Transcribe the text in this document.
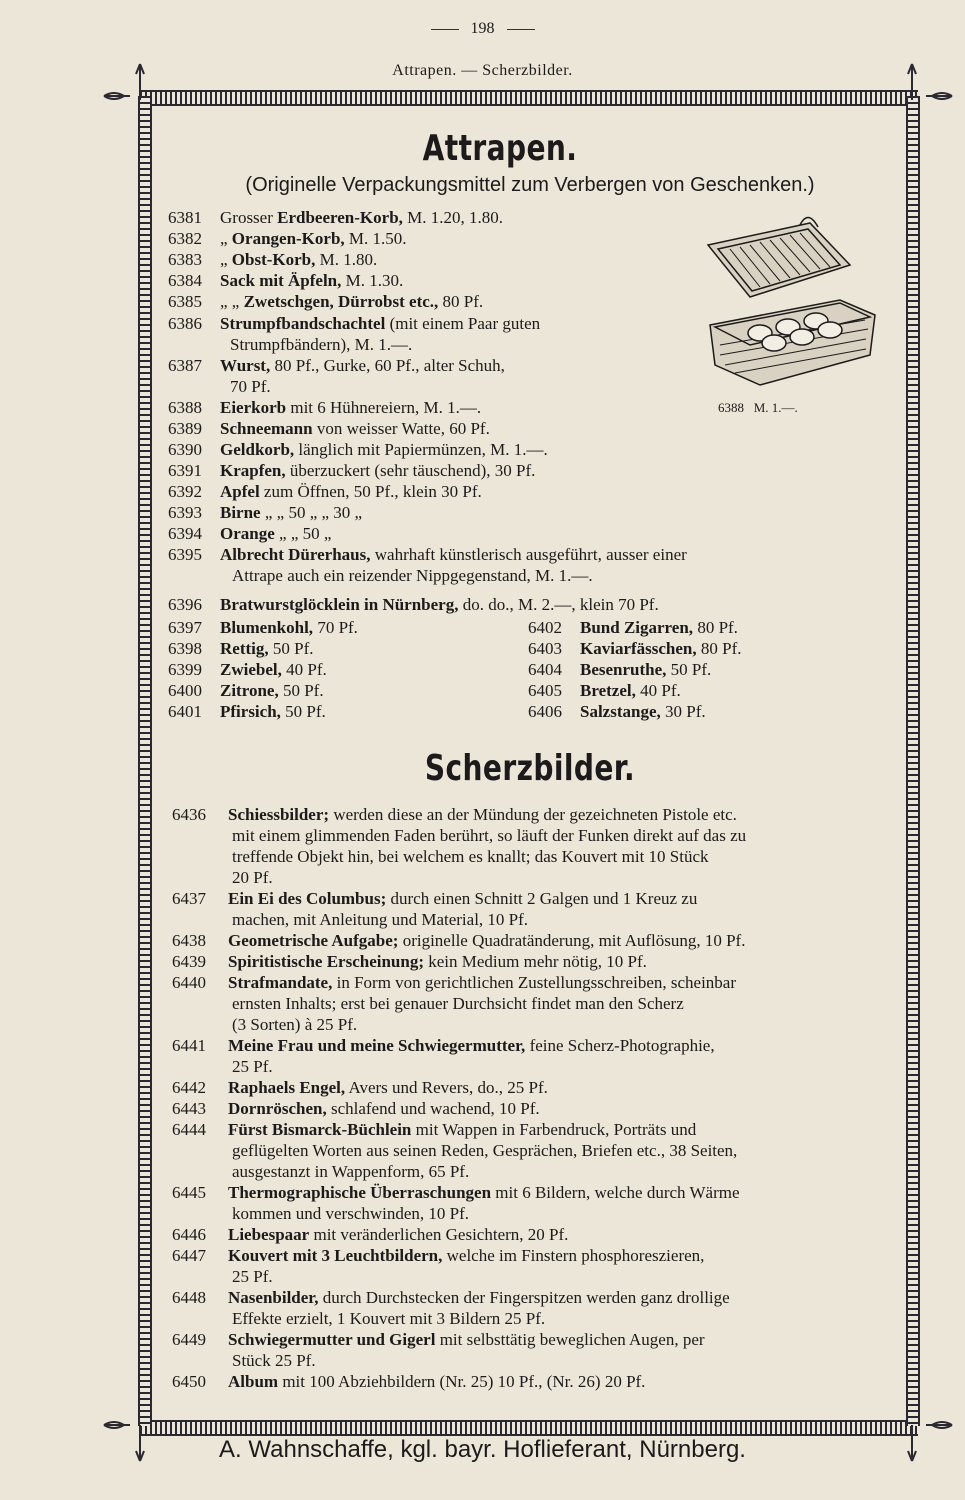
198
Attrapen. — Scherzbilder.
Attrapen.
(Originelle Verpackungsmittel zum Verbergen von Geschenken.)
6381 Grosser Erdbeeren-Korb, M. 1.20, 1.80.
6382 „ Orangen-Korb, M. 1.50.
6383 „ Obst-Korb, M. 1.80.
6384 Sack mit Äpfeln, M. 1.30.
6385 „ „ Zwetschgen, Dürrobst etc., 80 Pf.
6386 Strumpfbandschachtel (mit einem Paar guten
Strumpfbändern), M. 1.—.
6387 Wurst, 80 Pf., Gurke, 60 Pf., alter Schuh,
70 Pf.
6388 Eierkorb mit 6 Hühnereiern, M. 1.—.
6389 Schneemann von weisser Watte, 60 Pf.
6390 Geldkorb, länglich mit Papiermünzen, M. 1.—.
6391 Krapfen, überzuckert (sehr täuschend), 30 Pf.
6392 Apfel zum Öffnen, 50 Pf., klein 30 Pf.
6393 Birne „ „ 50 „ „ 30 „
6394 Orange „ „ 50 „
6395 Albrecht Dürerhaus, wahrhaft künstlerisch ausgeführt, ausser einer
Attrape auch ein reizender Nippgegenstand, M. 1.—.
6396 Bratwurstglöcklein in Nürnberg, do. do., M. 2.—, klein 70 Pf.
6397 Blumenkohl, 70 Pf.
6398 Rettig, 50 Pf.
6399 Zwiebel, 40 Pf.
6400 Zitrone, 50 Pf.
6401 Pfirsich, 50 Pf.
6402 Bund Zigarren, 80 Pf.
6403 Kaviarfässchen, 80 Pf.
6404 Besenruthe, 50 Pf.
6405 Bretzel, 40 Pf.
6406 Salzstange, 30 Pf.
6388 M. 1.—.
Scherzbilder.
6436 Schiessbilder; werden diese an der Mündung der gezeichneten Pistole etc.
mit einem glimmenden Faden berührt, so läuft der Funken direkt auf das zu
treffende Objekt hin, bei welchem es knallt; das Kouvert mit 10 Stück
20 Pf.
6437 Ein Ei des Columbus; durch einen Schnitt 2 Galgen und 1 Kreuz zu
machen, mit Anleitung und Material, 10 Pf.
6438 Geometrische Aufgabe; originelle Quadratänderung, mit Auflösung, 10 Pf.
6439 Spiritistische Erscheinung; kein Medium mehr nötig, 10 Pf.
6440 Strafmandate, in Form von gerichtlichen Zustellungsschreiben, scheinbar
ernsten Inhalts; erst bei genauer Durchsicht findet man den Scherz
(3 Sorten) à 25 Pf.
6441 Meine Frau und meine Schwiegermutter, feine Scherz-Photographie,
25 Pf.
6442 Raphaels Engel, Avers und Revers, do., 25 Pf.
6443 Dornröschen, schlafend und wachend, 10 Pf.
6444 Fürst Bismarck-Büchlein mit Wappen in Farbendruck, Porträts und
geflügelten Worten aus seinen Reden, Gesprächen, Briefen etc., 38 Seiten,
ausgestanzt in Wappenform, 65 Pf.
6445 Thermographische Überraschungen mit 6 Bildern, welche durch Wärme
kommen und verschwinden, 10 Pf.
6446 Liebespaar mit veränderlichen Gesichtern, 20 Pf.
6447 Kouvert mit 3 Leuchtbildern, welche im Finstern phosphoreszieren,
25 Pf.
6448 Nasenbilder, durch Durchstecken der Fingerspitzen werden ganz drollige
Effekte erzielt, 1 Kouvert mit 3 Bildern 25 Pf.
6449 Schwiegermutter und Gigerl mit selbsttätig beweglichen Augen, per
Stück 25 Pf.
6450 Album mit 100 Abziehbildern (Nr. 25) 10 Pf., (Nr. 26) 20 Pf.
A. Wahnschaffe, kgl. bayr. Hoflieferant, Nürnberg.
